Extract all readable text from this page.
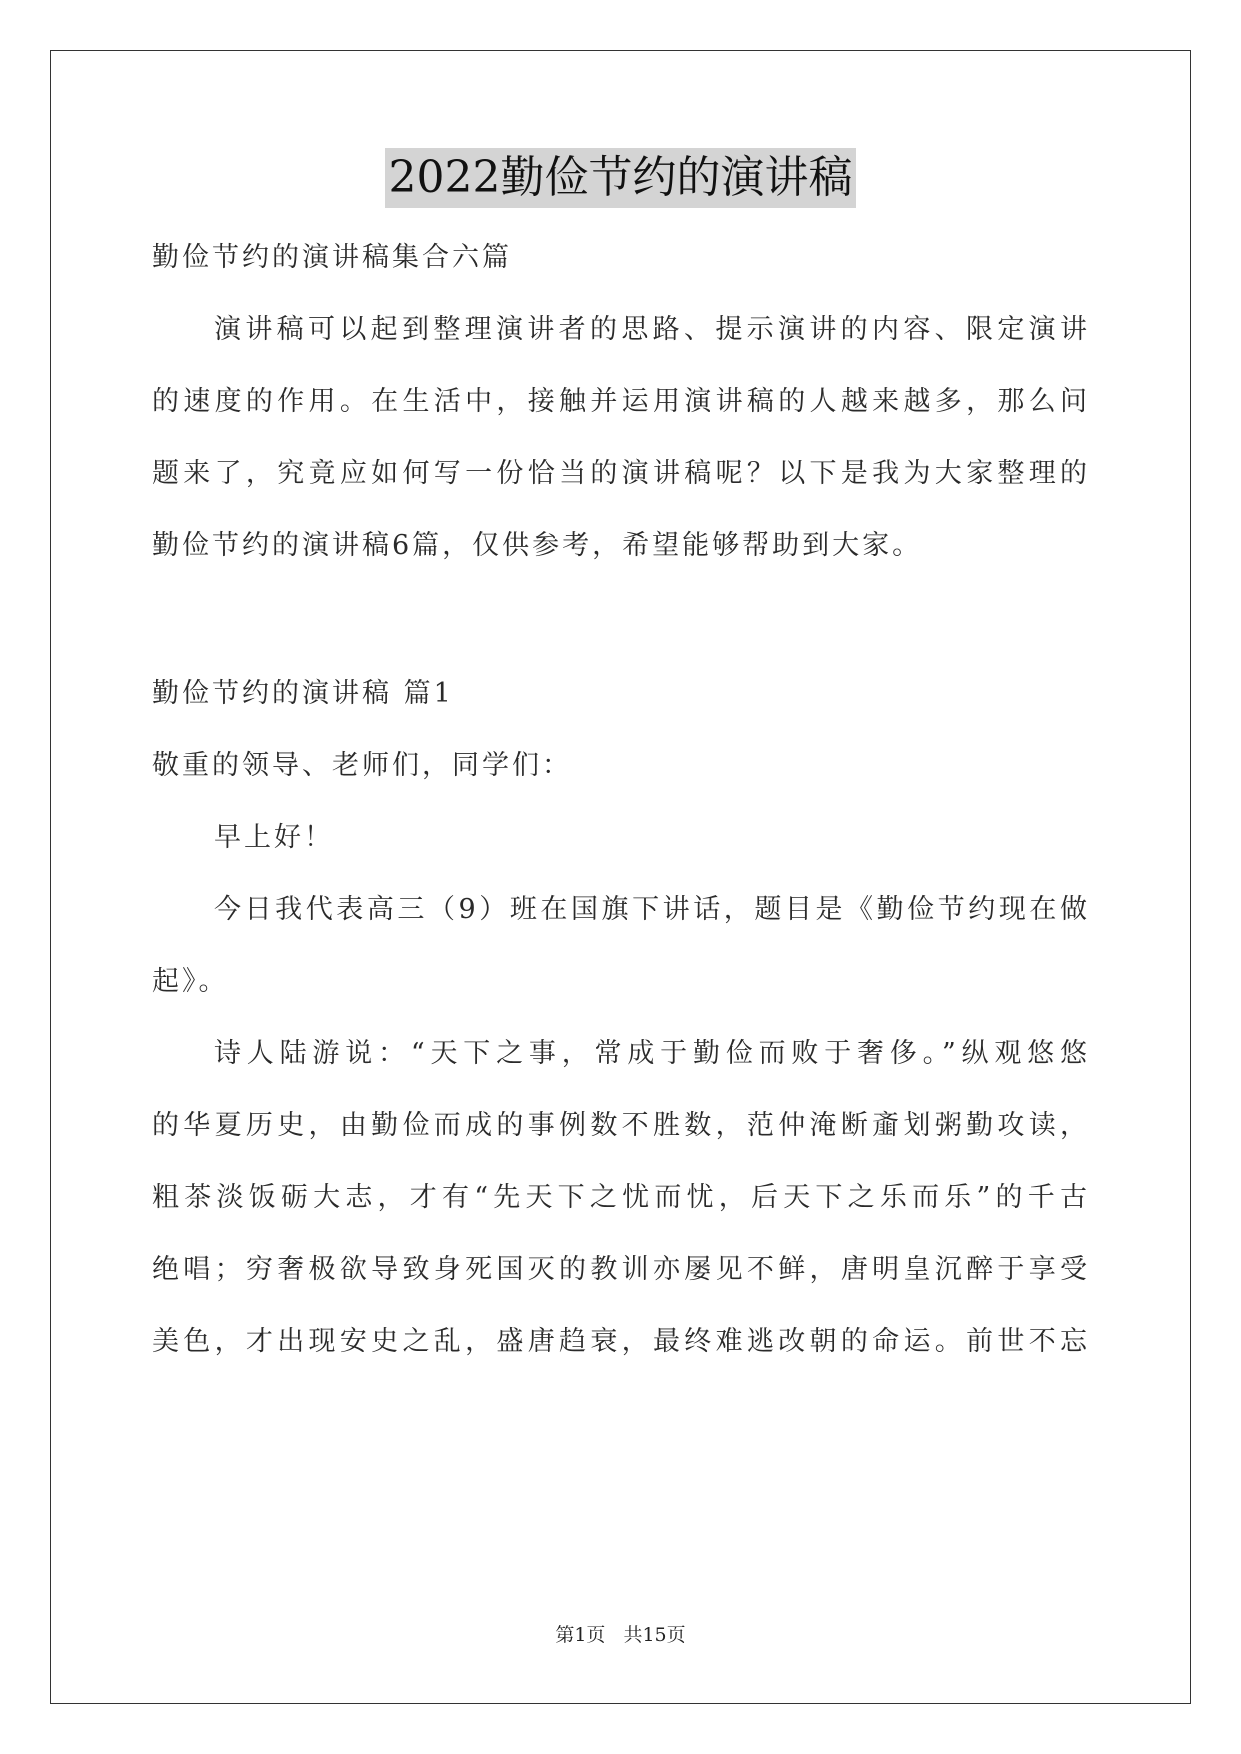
2022勤俭节约的演讲稿
勤俭节约的演讲稿集合六篇
演讲稿可以起到整理演讲者的思路、提示演讲的内容、限定演讲
的速度的作用。在生活中，接触并运用演讲稿的人越来越多，那么问
题来了，究竟应如何写一份恰当的演讲稿呢？以下是我为大家整理的
勤俭节约的演讲稿6篇，仅供参考，希望能够帮助到大家。
勤俭节约的演讲稿 篇1
敬重的领导、老师们，同学们：
早上好！
今日我代表高三（9）班在国旗下讲话，题目是《勤俭节约现在做
起》。
诗人陆游说：“天下之事，常成于勤俭而败于奢侈。”纵观悠悠
的华夏历史，由勤俭而成的事例数不胜数，范仲淹断齑划粥勤攻读，
粗茶淡饭砺大志，才有“先天下之忧而忧，后天下之乐而乐”的千古
绝唱；穷奢极欲导致身死国灭的教训亦屡见不鲜，唐明皇沉醉于享受
美色，才出现安史之乱，盛唐趋衰，最终难逃改朝的命运。前世不忘
第1页 共15页
